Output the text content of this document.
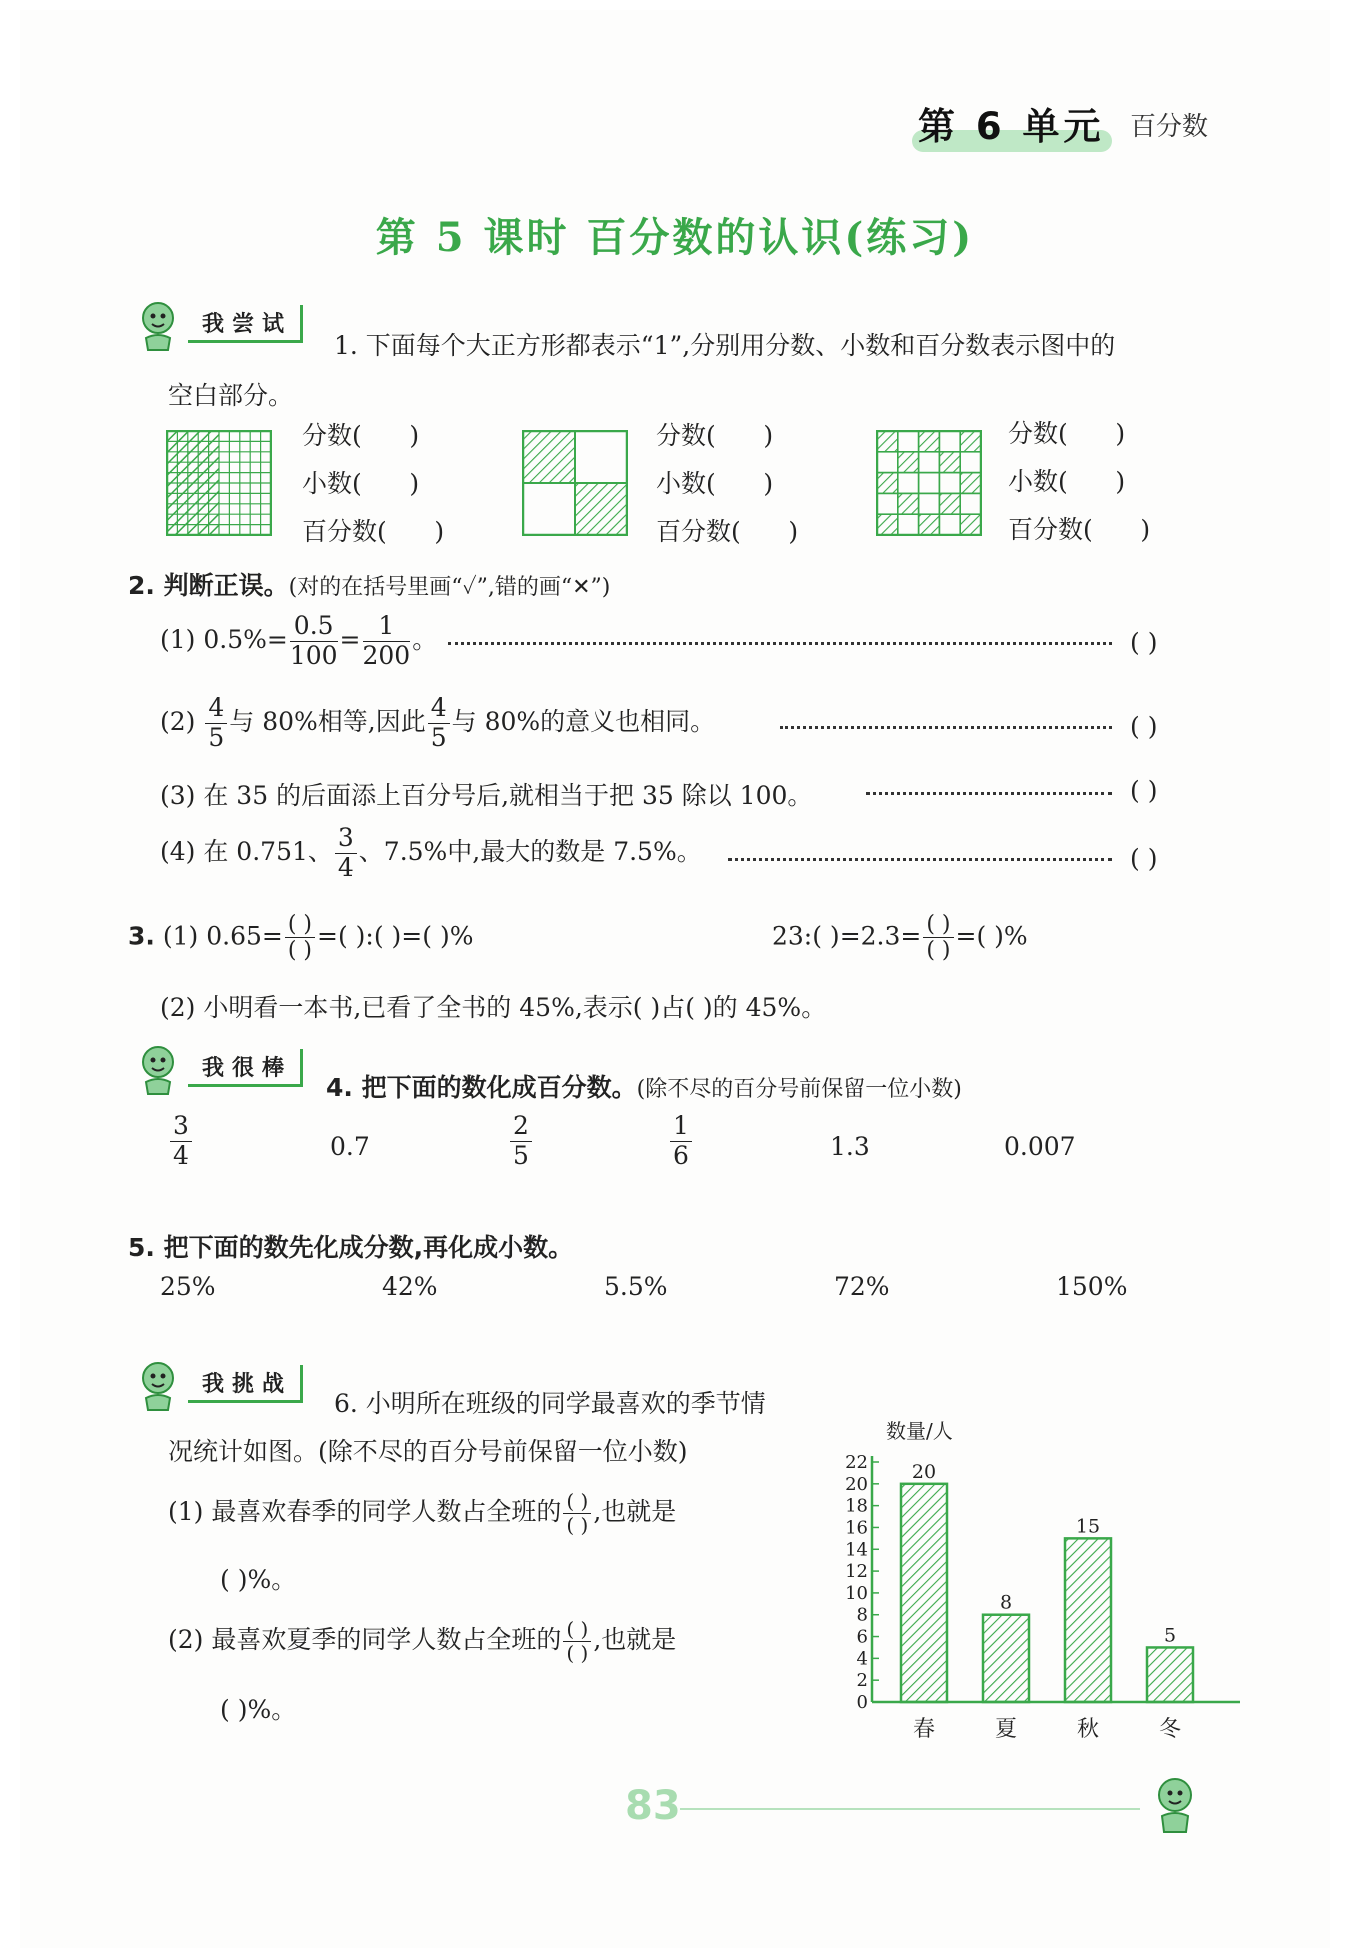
第 6 单元 百分数
第 5 课时 百分数的认识(练习)
我尝试
1. 下面每个大正方形都表示“1”,分别用分数、小数和百分数表示图中的
空白部分。
分数(      )
小数(      )
百分数(      )
分数(      )
小数(      )
百分数(      )
分数(      )
小数(      )
百分数(      )
2. 判断正误。(对的在括号里画“✓”,错的画“✕”)
(1) $0.5\%= \frac{0.5}{100} = \frac{1}{200}$ 。	( )
$(2) \frac{4}{5}$ 与 80%相等,因此 $\frac{4}{5}$ 与 80%的意义也相同。	( )
(3) 在 35 的后面添上百分号后,就相当于把 35 除以 100。	( )
(4) 在 0.751、 $\frac{3}{4}$ 、7.5%中,最大的数是 7.5%。	( )
3. (1) $0.65= \frac{( )}{( )}$ =( ):( )=( )%	23:( )$=2.3= \frac{( )}{( )}$ =( )%
(2) 小明看一本书,已看了全书的 45%,表示( )占( )的 45%。
我很棒
4. 把下面的数化成百分数。(除不尽的百分号前保留一位小数)
$\frac{3}{4}$	0.7	$\frac{2}{5}$	$\frac{1}{6}$	1.3	0.007
5. 把下面的数先化成分数,再化成小数。
25%	42%	5.5%	72%	150%
我挑战
6. 小明所在班级的同学最喜欢的季节情
况统计如图。(除不尽的百分号前保留一位小数)
(1) 最喜欢春季的同学人数占全班的 $\frac{( )}{( )}$ ,也就是
( )%。
(2) 最喜欢夏季的同学人数占全班的 $\frac{( )}{( )}$ ,也就是
( )%。
数量/人
0
2
4
6
8
10
12
14
16
18
20
22 20
春
8
夏
15
秋
5
冬
83
